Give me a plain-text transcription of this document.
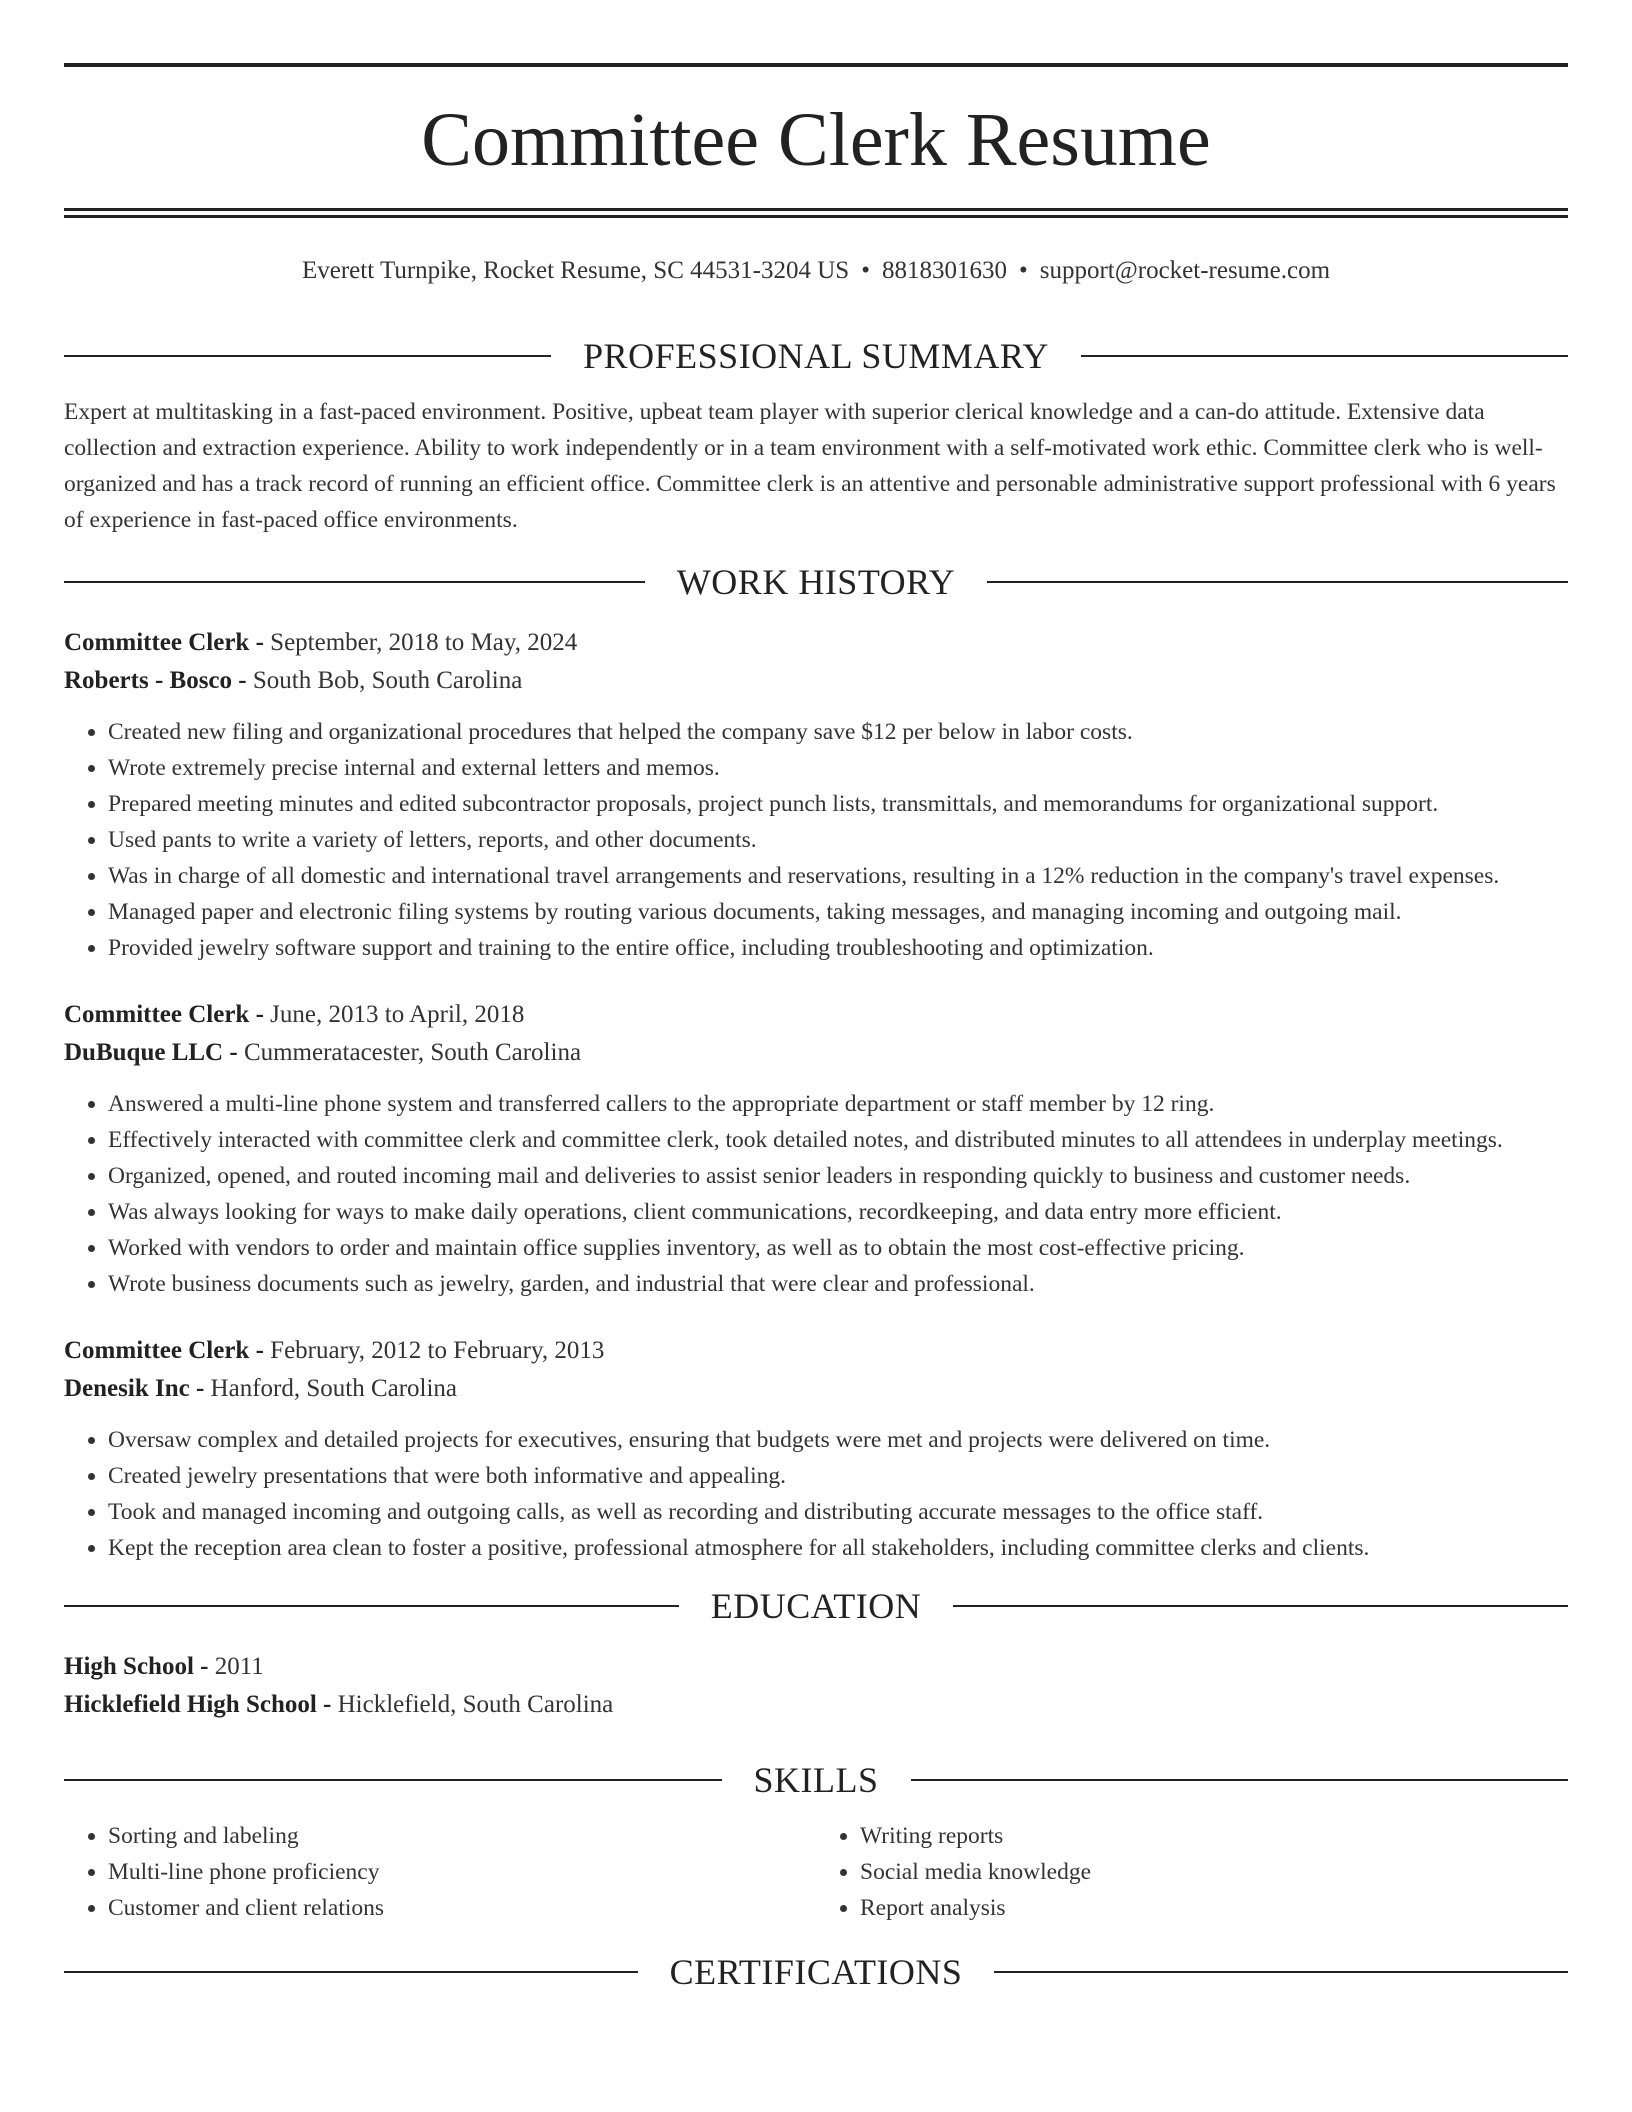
Committee Clerk Resume
Everett Turnpike, Rocket Resume, SC 44531-3204 US • 8818301630 • support@rocket-resume.com
PROFESSIONAL SUMMARY

Expert at multitasking in a fast-paced environment. Positive, upbeat team player with superior clerical knowledge and a can-do attitude. Extensive data collection and extraction experience. Ability to work independently or in a team environment with a self-motivated work ethic. Committee clerk who is well-organized and has a track record of running an efficient office. Committee clerk is an attentive and personable administrative support professional with 6 years of experience in fast-paced office environments.

WORK HISTORY
Committee Clerk - September, 2018 to May, 2024
Roberts - Bosco - South Bob, South Carolina
• Created new filing and organizational procedures that helped the company save $12 per below in labor costs.
• Wrote extremely precise internal and external letters and memos.
• Prepared meeting minutes and edited subcontractor proposals, project punch lists, transmittals, and memorandums for organizational support.
• Used pants to write a variety of letters, reports, and other documents.
• Was in charge of all domestic and international travel arrangements and reservations, resulting in a 12% reduction in the company's travel expenses.
• Managed paper and electronic filing systems by routing various documents, taking messages, and managing incoming and outgoing mail.
• Provided jewelry software support and training to the entire office, including troubleshooting and optimization.
Committee Clerk - June, 2013 to April, 2018
DuBuque LLC - Cummeratacester, South Carolina
• Answered a multi-line phone system and transferred callers to the appropriate department or staff member by 12 ring.
• Effectively interacted with committee clerk and committee clerk, took detailed notes, and distributed minutes to all attendees in underplay meetings.
• Organized, opened, and routed incoming mail and deliveries to assist senior leaders in responding quickly to business and customer needs.
• Was always looking for ways to make daily operations, client communications, recordkeeping, and data entry more efficient.
• Worked with vendors to order and maintain office supplies inventory, as well as to obtain the most cost-effective pricing.
• Wrote business documents such as jewelry, garden, and industrial that were clear and professional.
Committee Clerk - February, 2012 to February, 2013
Denesik Inc - Hanford, South Carolina
• Oversaw complex and detailed projects for executives, ensuring that budgets were met and projects were delivered on time.
• Created jewelry presentations that were both informative and appealing.
• Took and managed incoming and outgoing calls, as well as recording and distributing accurate messages to the office staff.
• Kept the reception area clean to foster a positive, professional atmosphere for all stakeholders, including committee clerks and clients.
EDUCATION
High School - 2011
Hicklefield High School - Hicklefield, South Carolina
SKILLS
• Sorting and labeling
• Multi-line phone proficiency
• Customer and client relations
• Writing reports
• Social media knowledge
• Report analysis
CERTIFICATIONS
